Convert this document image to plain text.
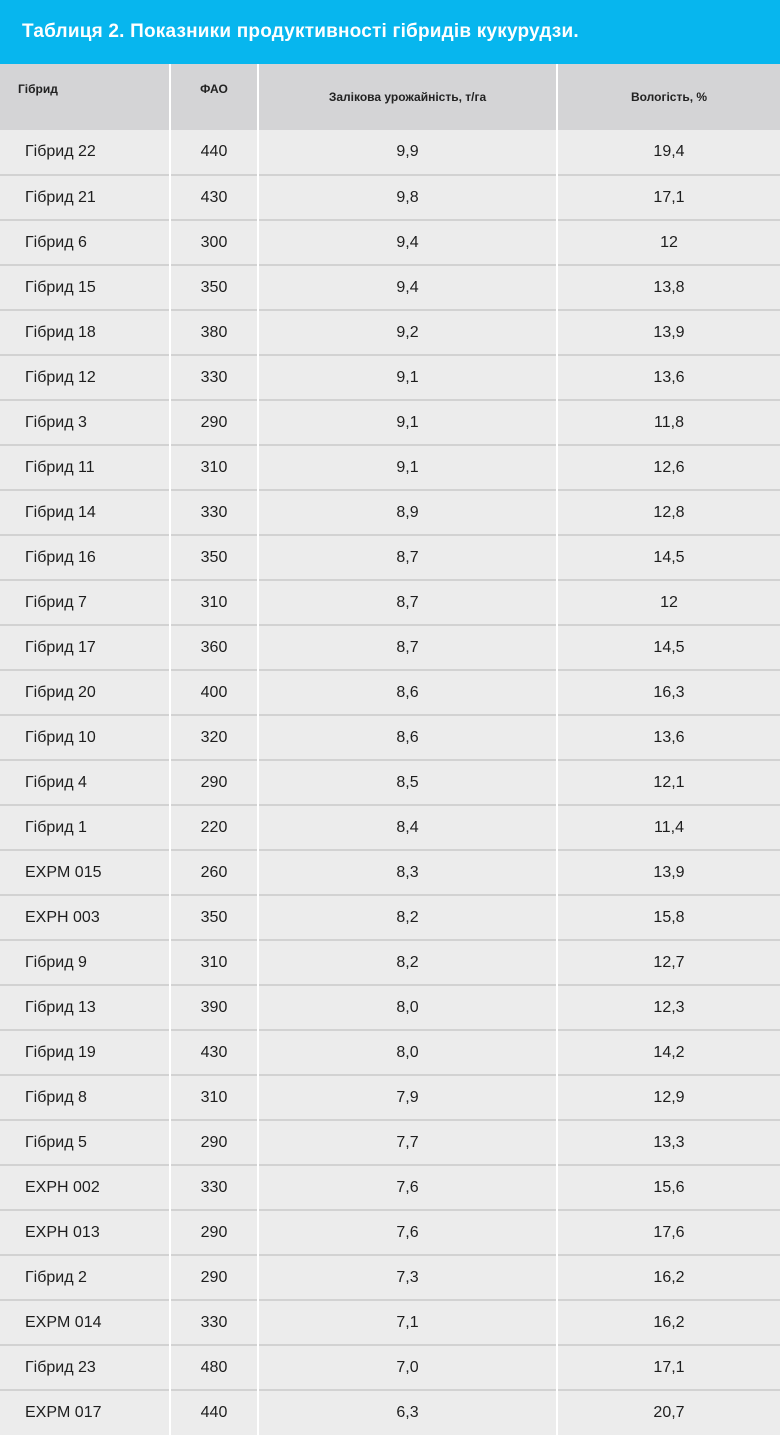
Таблиця 2. Показники продуктивності гібридів кукурудзи.
Гібрид	ФАО	Залікова урожайність, т/га	Вологість, %
Гібрид 22	440	9,9	19,4
Гібрид 21	430	9,8	17,1
Гібрид 6	300	9,4	12
Гібрид 15	350	9,4	13,8
Гібрид 18	380	9,2	13,9
Гібрид 12	330	9,1	13,6
Гібрид 3	290	9,1	11,8
Гібрид 11	310	9,1	12,6
Гібрид 14	330	8,9	12,8
Гібрид 16	350	8,7	14,5
Гібрид 7	310	8,7	12
Гібрид 17	360	8,7	14,5
Гібрид 20	400	8,6	16,3
Гібрид 10	320	8,6	13,6
Гібрид 4	290	8,5	12,1
Гібрид 1	220	8,4	11,4
EXPM 015	260	8,3	13,9
EXPH 003	350	8,2	15,8
Гібрид 9	310	8,2	12,7
Гібрид 13	390	8,0	12,3
Гібрид 19	430	8,0	14,2
Гібрид 8	310	7,9	12,9
Гібрид 5	290	7,7	13,3
EXPH 002	330	7,6	15,6
EXPH 013	290	7,6	17,6
Гібрид 2	290	7,3	16,2
EXPM 014	330	7,1	16,2
Гібрид 23	480	7,0	17,1
EXPM 017	440	6,3	20,7
